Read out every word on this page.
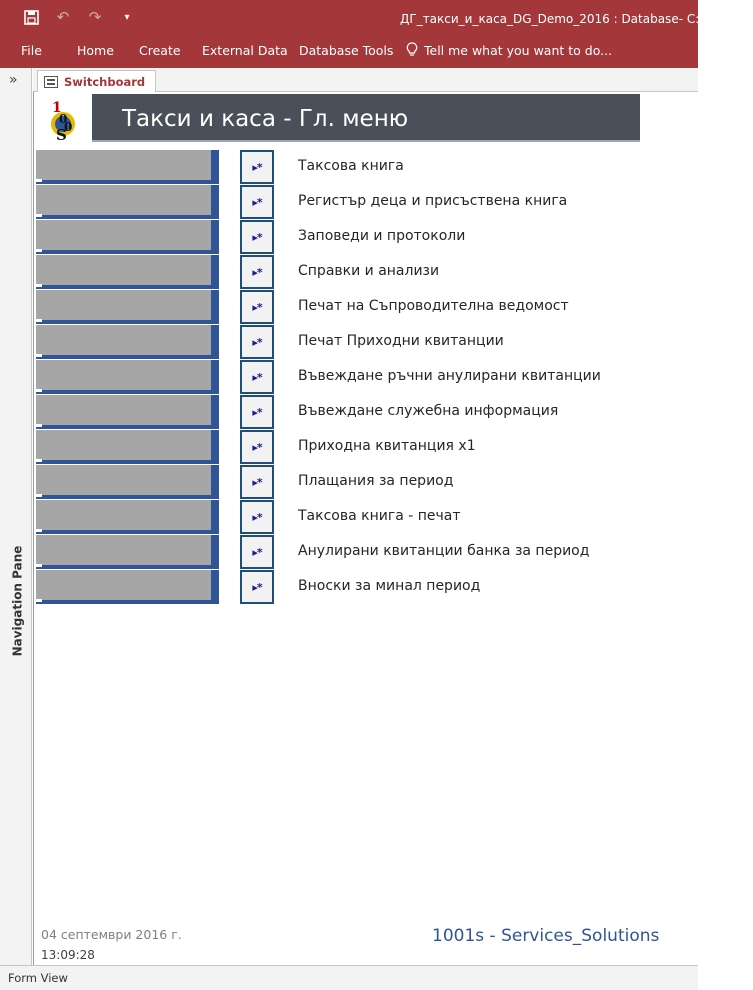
↶ ↷	▾	ДГ_такси_и_каса_DG_Demo_2016 : Database- C:\1001s\C
File	Home Create External Data Database Tools Tell me what you want to do...
»
Navigation Pane
Switchboard
1
0
0
S
Такси и каса - Гл. меню
▸*	Таксова книга
▸*	Регистър деца и присъствена книга
▸*	Заповеди и протоколи
▸*	Справки и анализи
▸*	Печат на Съпроводителна ведомост
▸*	Печат Приходни квитанции
▸*	Въвеждане ръчни анулирани квитанции
▸*	Въвеждане служебна информация
▸*	Приходна квитанция х1
▸*	Плащания за период
▸*	Таксова книга - печат
▸*	Анулирани квитанции банка за период
▸*	Вноски за минал период
04 септември 2016 г.
13:09:28
1001s - Services_Solutions
Form View
